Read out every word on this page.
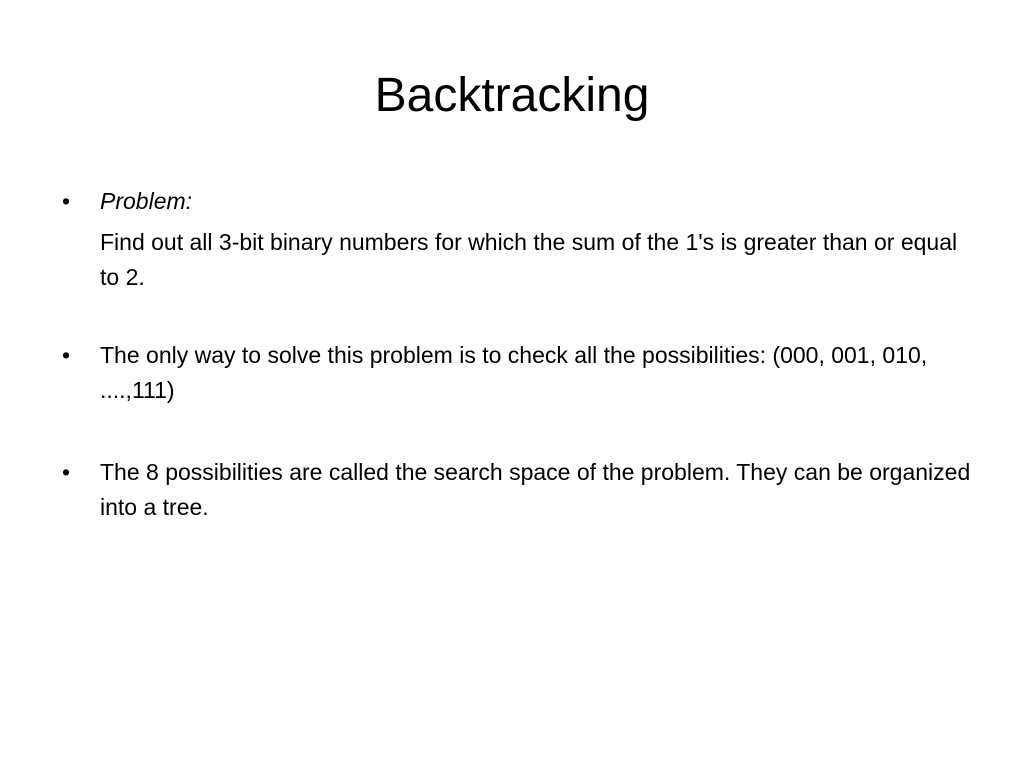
Backtracking
• Problem:
Find out all 3-bit binary numbers for which the sum of the 1's is greater than or equal to 2.
• The only way to solve this problem is to check all the possibilities: (000, 001, 010, ....,111)
• The 8 possibilities are called the search space of the problem. They can be organized into a tree.
